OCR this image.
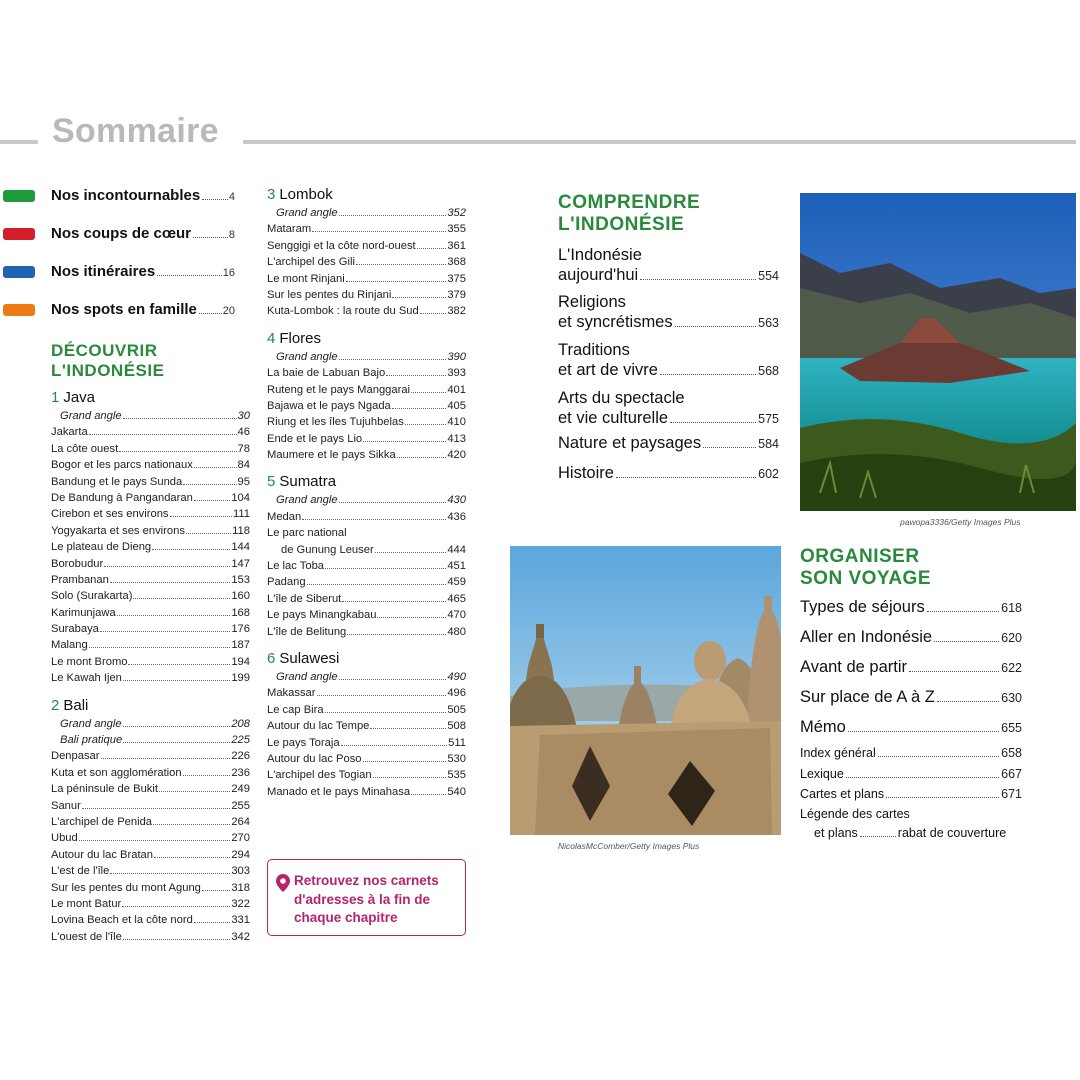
Sommaire
DÉCOUVRIR
L'INDONÉSIE
1 Java
Grand angle	30
Jakarta	46
La côte ouest	78
Bogor et les parcs nationaux	84
Bandung et le pays Sunda	95
De Bandung à Pangandaran	104
Cirebon et ses environs	111
Yogyakarta et ses environs	118
Le plateau de Dieng	144
Borobudur	147
Prambanan	153
Solo (Surakarta)	160
Karimunjawa	168
Surabaya	176
Malang	187
Le mont Bromo	194
Le Kawah Ijen	199
2 Bali
Grand angle	208
Bali pratique	225
Denpasar	226
Kuta et son agglomération	236
La péninsule de Bukit	249
Sanur	255
L'archipel de Penida	264
Ubud	270
Autour du lac Bratan	294
L'est de l'île	303
Sur les pentes du mont Agung	318
Le mont Batur	322
Lovina Beach et la côte nord	331
L'ouest de l'île	342
3 Lombok
Grand angle	352
Mataram	355
Senggigi et la côte nord-ouest	361
L'archipel des Gili	368
Le mont Rinjani	375
Sur les pentes du Rinjani	379
Kuta-Lombok : la route du Sud	382
4 Flores
Grand angle	390
La baie de Labuan Bajo	393
Ruteng et le pays Manggarai	401
Bajawa et le pays Ngada	405
Riung et les îles Tujuhbelas	410
Ende et le pays Lio	413
Maumere et le pays Sikka	420
5 Sumatra
Grand angle	430
Medan	436
Le parc national
de Gunung Leuser	444
Le lac Toba	451
Padang	459
L'île de Siberut	465
Le pays Minangkabau	470
L'île de Belitung	480
6 Sulawesi
Grand angle	490
Makassar	496
Le cap Bira	505
Autour du lac Tempe	508
Le pays Toraja	511
Autour du lac Poso	530
L'archipel des Togian	535
Manado et le pays Minahasa	540
Retrouvez nos carnets
d'adresses à la fin de
chaque chapitre
COMPRENDRE
L'INDONÉSIE
L'Indonésie
aujourd'hui	554
Religions
et syncrétismes	563
Traditions
et art de vivre	568
Arts du spectacle
et vie culturelle	575
Nature et paysages	584
Histoire	602
pawopa3336/Getty Images Plus
NicolasMcComber/Getty Images Plus
ORGANISER
SON VOYAGE
Types de séjours	618
Aller en Indonésie	620
Avant de partir	622
Sur place de A à Z	630
Mémo	655
Index général	658
Lexique	667
Cartes et plans	671
Légende des cartes
et plans	rabat de couverture
Nos incontournables	4
Nos coups de cœur	8
Nos itinéraires	16
Nos spots en famille 20
